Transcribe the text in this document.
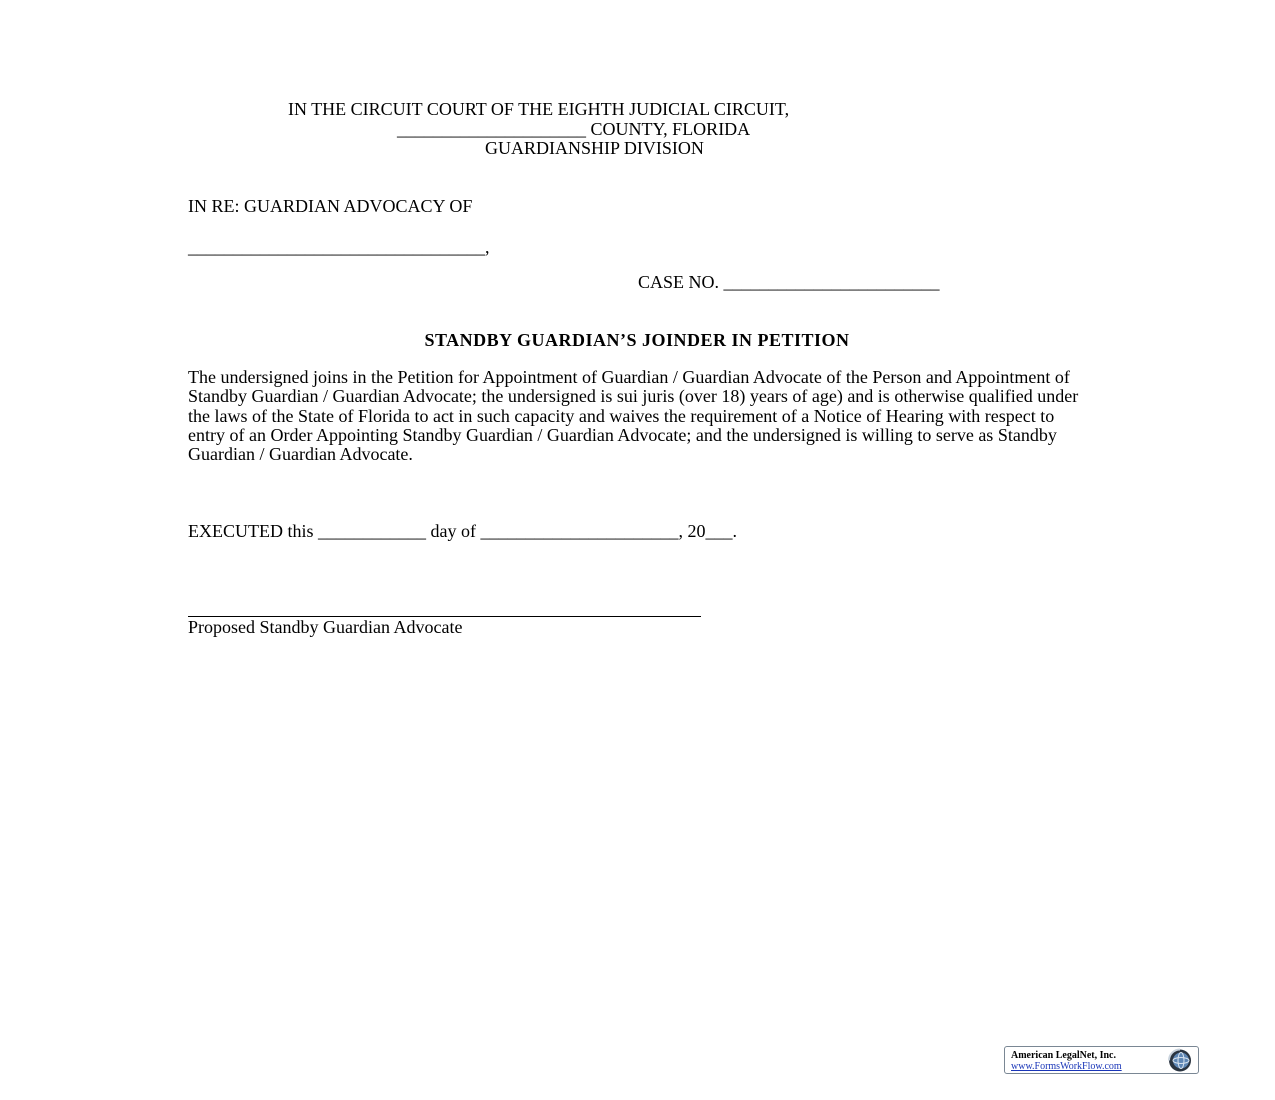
IN THE CIRCUIT COURT OF THE EIGHTH JUDICIAL CIRCUIT,
_____________________ COUNTY, FLORIDA
GUARDIANSHIP DIVISION
IN RE: GUARDIAN ADVOCACY OF
_________________________________,
CASE NO. ________________________
STANDBY GUARDIAN’S JOINDER IN PETITION
The undersigned joins in the Petition for Appointment of Guardian / Guardian Advocate of the Person and Appointment of Standby Guardian / Guardian Advocate; the undersigned is sui juris (over 18) years of age) and is otherwise qualified under the laws of the State of Florida to act in such capacity and waives the requirement of a Notice of Hearing with respect to entry of an Order Appointing Standby Guardian / Guardian Advocate; and the undersigned is willing to serve as Standby Guardian / Guardian Advocate.
EXECUTED this ____________ day of ______________________, 20___.
Proposed Standby Guardian Advocate
American LegalNet, Inc.
www.FormsWorkFlow.com
